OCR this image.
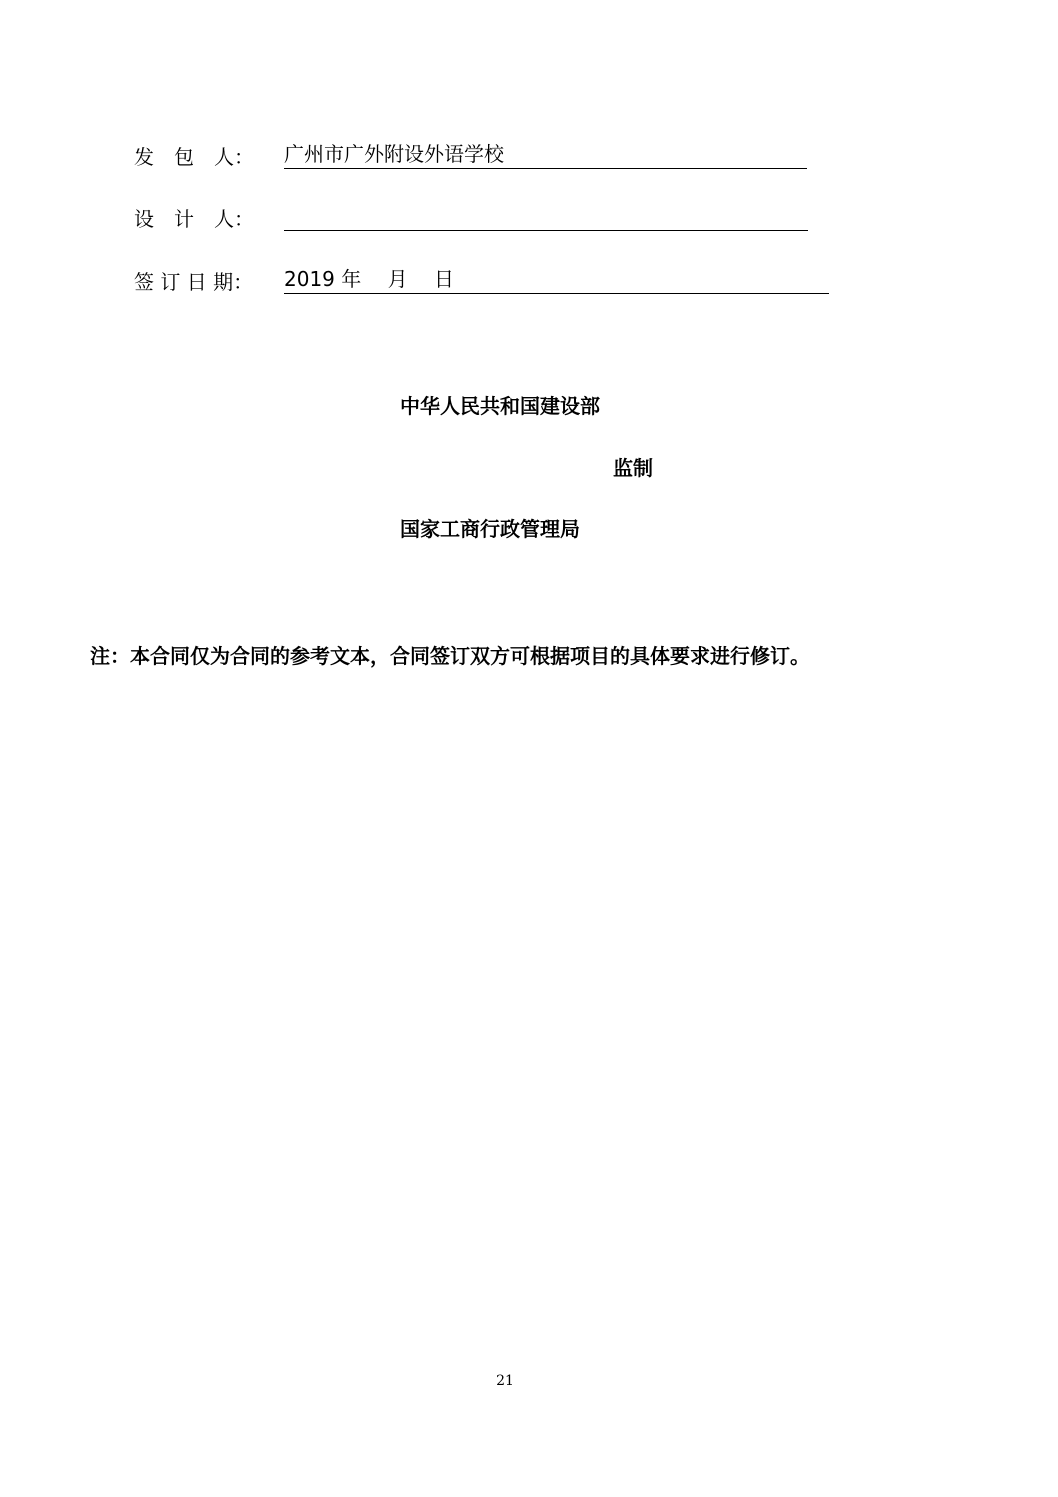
发　包　人： 广州市广外附设外语学校
设　计　人：
签 订 日 期： 2019 年　 月　 日
中华人民共和国建设部
监制
国家工商行政管理局
注：本合同仅为合同的参考文本，合同签订双方可根据项目的具体要求进行修订。
21
